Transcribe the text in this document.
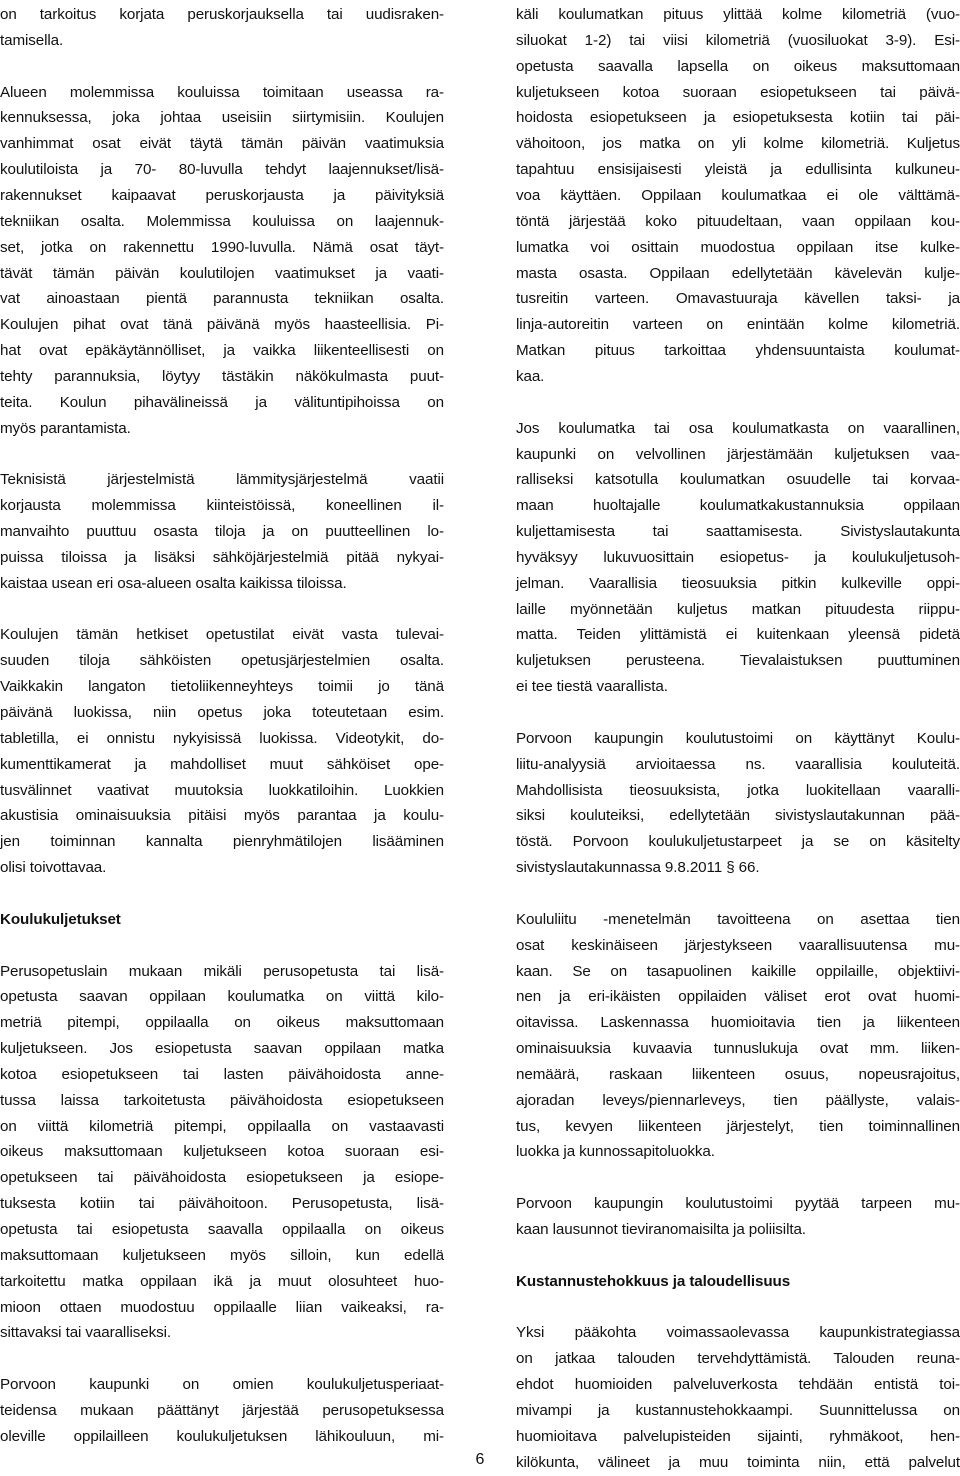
on tarkoitus korjata peruskorjauksella tai uudisraken-
tamisella.
Alueen molemmissa kouluissa toimitaan useassa ra-
kennuksessa, joka johtaa useisiin siirtymisiin. Koulujen
vanhimmat osat eivät täytä tämän päivän vaatimuksia
koulutiloista ja 70- 80-luvulla tehdyt laajennukset/lisä-
rakennukset kaipaavat peruskorjausta ja päivityksiä
tekniikan osalta. Molemmissa kouluissa on laajennuk-
set, jotka on rakennettu 1990-luvulla. Nämä osat täyt-
tävät tämän päivän koulutilojen vaatimukset ja vaati-
vat ainoastaan pientä parannusta tekniikan osalta.
Koulujen pihat ovat tänä päivänä myös haasteellisia. Pi-
hat ovat epäkäytännölliset, ja vaikka liikenteellisesti on
tehty parannuksia, löytyy tästäkin näkökulmasta puut-
teita. Koulun pihavälineissä ja välituntipihoissa on
myös parantamista.
Teknisistä järjestelmistä lämmitysjärjestelmä vaatii
korjausta molemmissa kiinteistöissä, koneellinen il-
manvaihto puuttuu osasta tiloja ja on puutteellinen lo-
puissa tiloissa ja lisäksi sähköjärjestelmiä pitää nykyai-
kaistaa usean eri osa-alueen osalta kaikissa tiloissa.
Koulujen tämän hetkiset opetustilat eivät vasta tulevai-
suuden tiloja sähköisten opetusjärjestelmien osalta.
Vaikkakin langaton tietoliikenneyhteys toimii jo tänä
päivänä luokissa, niin opetus joka toteutetaan esim.
tabletilla, ei onnistu nykyisissä luokissa. Videotykit, do-
kumenttikamerat ja mahdolliset muut sähköiset ope-
tusvälinnet vaativat muutoksia luokkatiloihin. Luokkien
akustisia ominaisuuksia pitäisi myös parantaa ja koulu-
jen toiminnan kannalta pienryhmätilojen lisääminen
olisi toivottavaa.
Koulukuljetukset
Perusopetuslain mukaan mikäli perusopetusta tai lisä-
opetusta saavan oppilaan koulumatka on viittä kilo-
metriä pitempi, oppilaalla on oikeus maksuttomaan
kuljetukseen. Jos esiopetusta saavan oppilaan matka
kotoa esiopetukseen tai lasten päivähoidosta anne-
tussa laissa tarkoitetusta päivähoidosta esiopetukseen
on viittä kilometriä pitempi, oppilaalla on vastaavasti
oikeus maksuttomaan kuljetukseen kotoa suoraan esi-
opetukseen tai päivähoidosta esiopetukseen ja esiope-
tuksesta kotiin tai päivähoitoon. Perusopetusta, lisä-
opetusta tai esiopetusta saavalla oppilaalla on oikeus
maksuttomaan kuljetukseen myös silloin, kun edellä
tarkoitettu matka oppilaan ikä ja muut olosuhteet huo-
mioon ottaen muodostuu oppilaalle liian vaikeaksi, ra-
sittavaksi tai vaaralliseksi.
Porvoon kaupunki on omien koulukuljetusperiaat-
teidensa mukaan päättänyt järjestää perusopetuksessa
oleville oppilailleen koulukuljetuksen lähikouluun, mi-
käli koulumatkan pituus ylittää kolme kilometriä (vuo-
siluokat 1-2) tai viisi kilometriä (vuosiluokat 3-9). Esi-
opetusta saavalla lapsella on oikeus maksuttomaan
kuljetukseen kotoa suoraan esiopetukseen tai päivä-
hoidosta esiopetukseen ja esiopetuksesta kotiin tai päi-
vähoitoon, jos matka on yli kolme kilometriä. Kuljetus
tapahtuu ensisijaisesti yleistä ja edullisinta kulkuneu-
voa käyttäen. Oppilaan koulumatkaa ei ole välttämä-
töntä järjestää koko pituudeltaan, vaan oppilaan kou-
lumatka voi osittain muodostua oppilaan itse kulke-
masta osasta. Oppilaan edellytetään kävelevän kulje-
tusreitin varteen. Omavastuuraja kävellen taksi- ja
linja-autoreitin varteen on enintään kolme kilometriä.
Matkan pituus tarkoittaa yhdensuuntaista koulumat-
kaa.
Jos koulumatka tai osa koulumatkasta on vaarallinen,
kaupunki on velvollinen järjestämään kuljetuksen vaa-
ralliseksi katsotulla koulumatkan osuudelle tai korvaa-
maan huoltajalle koulumatkakustannuksia oppilaan
kuljettamisesta tai saattamisesta. Sivistyslautakunta
hyväksyy lukuvuosittain esiopetus- ja koulukuljetusoh-
jelman. Vaarallisia tieosuuksia pitkin kulkeville oppi-
laille myönnetään kuljetus matkan pituudesta riippu-
matta. Teiden ylittämistä ei kuitenkaan yleensä pidetä
kuljetuksen perusteena. Tievalaistuksen puuttuminen
ei tee tiestä vaarallista.
Porvoon kaupungin koulutustoimi on käyttänyt Koulu-
liitu-analyysiä arvioitaessa ns. vaarallisia kouluteitä.
Mahdollisista tieosuuksista, jotka luokitellaan vaaralli-
siksi kouluteiksi, edellytetään sivistyslautakunnan pää-
töstä. Porvoon koulukuljetustarpeet ja se on käsitelty
sivistyslautakunnassa 9.8.2011 § 66.
Koululiitu -menetelmän tavoitteena on asettaa tien
osat keskinäiseen järjestykseen vaarallisuutensa mu-
kaan. Se on tasapuolinen kaikille oppilaille, objektiivi-
nen ja eri-ikäisten oppilaiden väliset erot ovat huomi-
oitavissa. Laskennassa huomioitavia tien ja liikenteen
ominaisuuksia kuvaavia tunnuslukuja ovat mm. liiken-
nemäärä, raskaan liikenteen osuus, nopeusrajoitus,
ajoradan leveys/piennarleveys, tien päällyste, valais-
tus, kevyen liikenteen järjestelyt, tien toiminnallinen
luokka ja kunnossapitoluokka.
Porvoon kaupungin koulutustoimi pyytää tarpeen mu-
kaan lausunnot tieviranomaisilta ja poliisilta.
Kustannustehokkuus ja taloudellisuus
Yksi pääkohta voimassaolevassa kaupunkistrategiassa
on jatkaa talouden tervehdyttämistä. Talouden reuna-
ehdot huomioiden palveluverkosta tehdään entistä toi-
mivampi ja kustannustehokkaampi. Suunnittelussa on
huomioitava palvelupisteiden sijainti, ryhmäkoot, hen-
kilökunta, välineet ja muu toiminta niin, että palvelut
6
